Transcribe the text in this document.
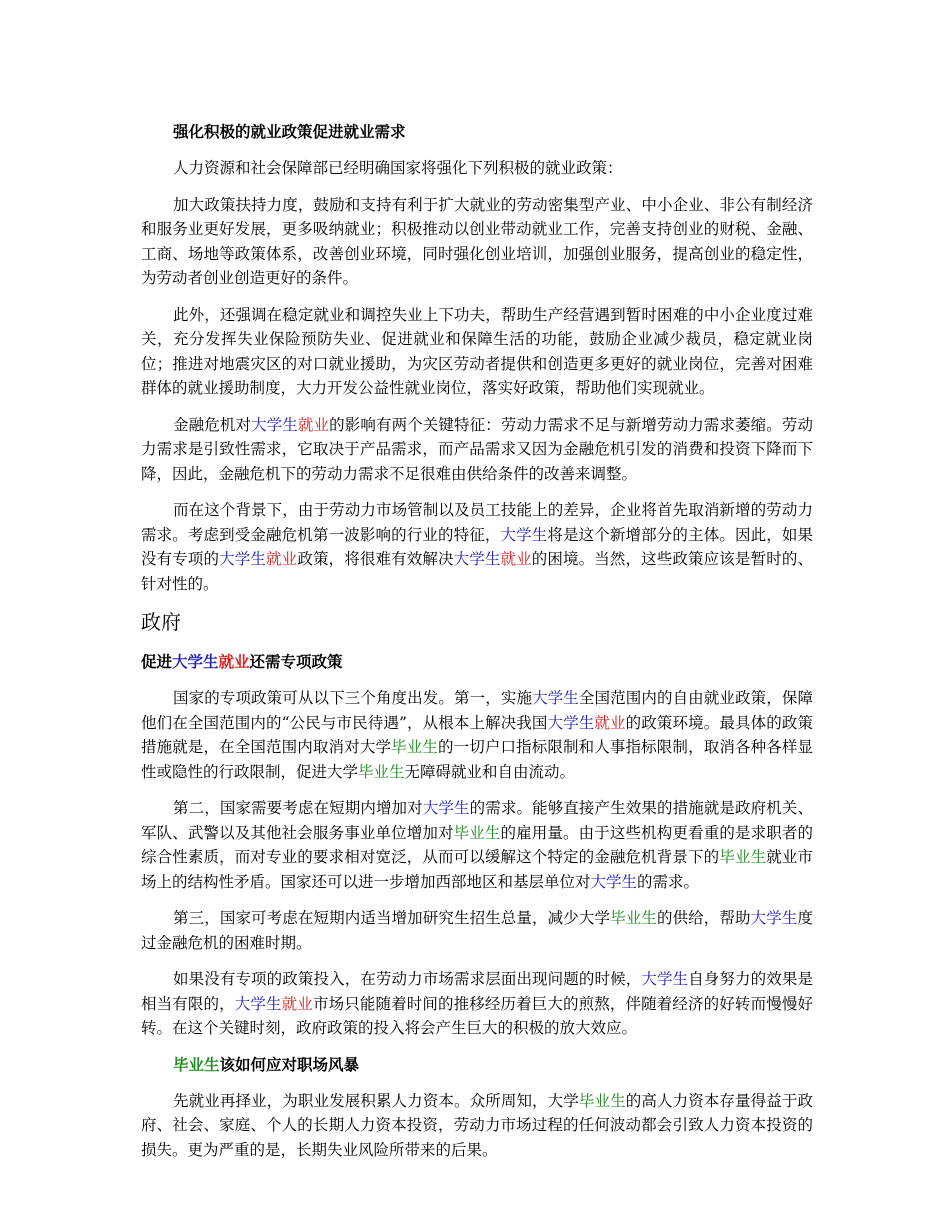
强化积极的就业政策促进就业需求

人力资源和社会保障部已经明确国家将强化下列积极的就业政策：

加大政策扶持力度，鼓励和支持有利于扩大就业的劳动密集型产业、中小企业、非公有制经济和服务业更好发展，更多吸纳就业；积极推动以创业带动就业工作，完善支持创业的财税、金融、工商、场地等政策体系，改善创业环境，同时强化创业培训，加强创业服务，提高创业的稳定性，为劳动者创业创造更好的条件。

此外，还强调在稳定就业和调控失业上下功夫，帮助生产经营遇到暂时困难的中小企业度过难关，充分发挥失业保险预防失业、促进就业和保障生活的功能，鼓励企业减少裁员，稳定就业岗位；推进对地震灾区的对口就业援助，为灾区劳动者提供和创造更多更好的就业岗位，完善对困难群体的就业援助制度，大力开发公益性就业岗位，落实好政策，帮助他们实现就业。

金融危机对大学生就业的影响有两个关键特征：劳动力需求不足与新增劳动力需求萎缩。劳动力需求是引致性需求，它取决于产品需求，而产品需求又因为金融危机引发的消费和投资下降而下降，因此，金融危机下的劳动力需求不足很难由供给条件的改善来调整。

而在这个背景下，由于劳动力市场管制以及员工技能上的差异，企业将首先取消新增的劳动力需求。考虑到受金融危机第一波影响的行业的特征，大学生将是这个新增部分的主体。因此，如果没有专项的大学生就业政策，将很难有效解决大学生就业的困境。当然，这些政策应该是暂时的、针对性的。

政府
促进大学生就业还需专项政策

国家的专项政策可从以下三个角度出发。第一，实施大学生全国范围内的自由就业政策，保障他们在全国范围内的“公民与市民待遇”，从根本上解决我国大学生就业的政策环境。最具体的政策措施就是，在全国范围内取消对大学毕业生的一切户口指标限制和人事指标限制，取消各种各样显性或隐性的行政限制，促进大学毕业生无障碍就业和自由流动。

第二，国家需要考虑在短期内增加对大学生的需求。能够直接产生效果的措施就是政府机关、军队、武警以及其他社会服务事业单位增加对毕业生的雇用量。由于这些机构更看重的是求职者的综合性素质，而对专业的要求相对宽泛，从而可以缓解这个特定的金融危机背景下的毕业生就业市场上的结构性矛盾。国家还可以进一步增加西部地区和基层单位对大学生的需求。

第三，国家可考虑在短期内适当增加研究生招生总量，减少大学毕业生的供给，帮助大学生度过金融危机的困难时期。

如果没有专项的政策投入，在劳动力市场需求层面出现问题的时候，大学生自身努力的效果是相当有限的，大学生就业市场只能随着时间的推移经历着巨大的煎熬，伴随着经济的好转而慢慢好转。在这个关键时刻，政府政策的投入将会产生巨大的积极的放大效应。

毕业生该如何应对职场风暴

先就业再择业，为职业发展积累人力资本。众所周知，大学毕业生的高人力资本存量得益于政府、社会、家庭、个人的长期人力资本投资，劳动力市场过程的任何波动都会引致人力资本投资的损失。更为严重的是，长期失业风险所带来的后果。
